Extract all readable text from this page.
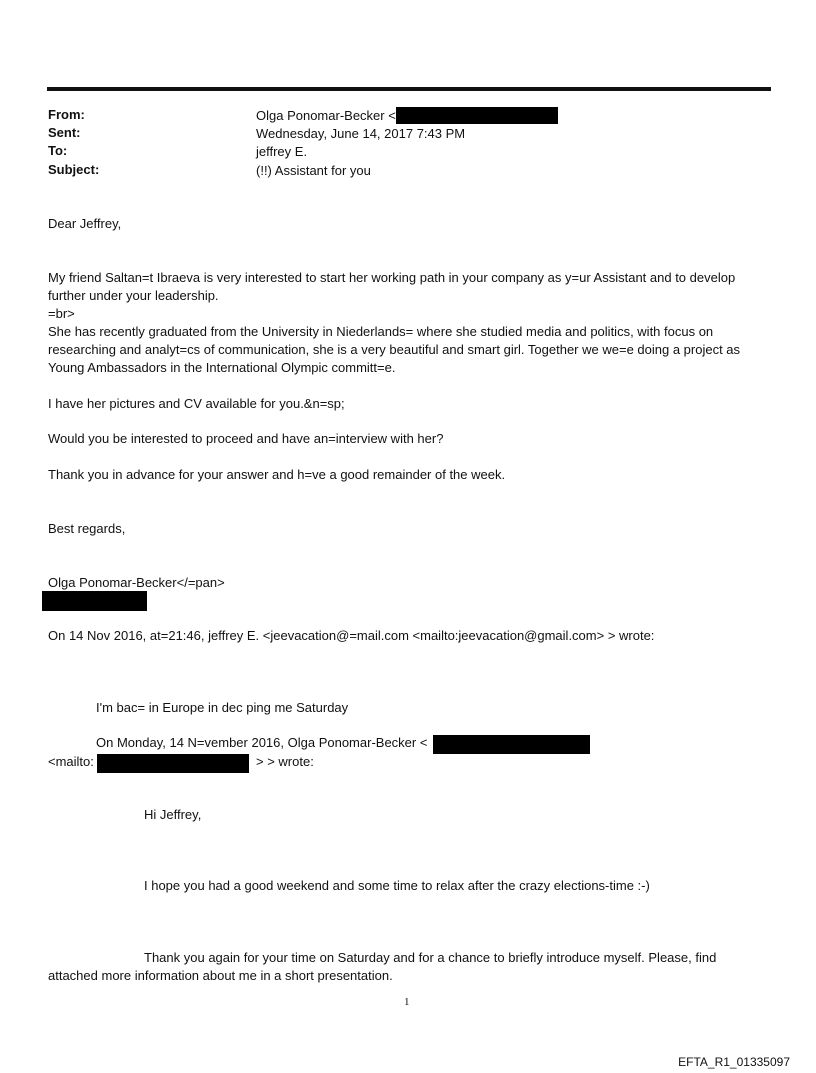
From:	Olga Ponomar-Becker <
Sent:	Wednesday, June 14, 2017 7:43 PM
To:	jeffrey E.
Subject:	(!!) Assistant for you
Dear Jeffrey,
My friend Saltan=t Ibraeva is very interested to start her working path in your company as y=ur Assistant and to develop
further under your leadership.
=br>
She has recently graduated from the University in Niederlands= where she studied media and politics, with focus on
researching and analyt=cs of communication, she is a very beautiful and smart girl. Together we we=e doing a project as
Young Ambassadors in the International Olympic committ=e.
I have her pictures and CV available for you.&n=sp;
Would you be interested to proceed and have an=interview with her?
Thank you in advance for your answer and h=ve a good remainder of the week.
Best regards,
Olga Ponomar-Becker</=pan>
On 14 Nov 2016, at=21:46, jeffrey E. <jeevacation@=mail.com <mailto:jeevacation@gmail.com> > wrote:
I'm bac= in Europe in dec ping me Saturday
On Monday, 14 N=vember 2016, Olga Ponomar-Becker <
<mailto:	> > wrote:
Hi Jeffrey,
I hope you had a good weekend and some time to relax after the crazy elections-time :-)
Thank you again for your time on Saturday and for a chance to briefly introduce myself. Please, find
attached more information about me in a short presentation.
1
EFTA_R1_01335097
